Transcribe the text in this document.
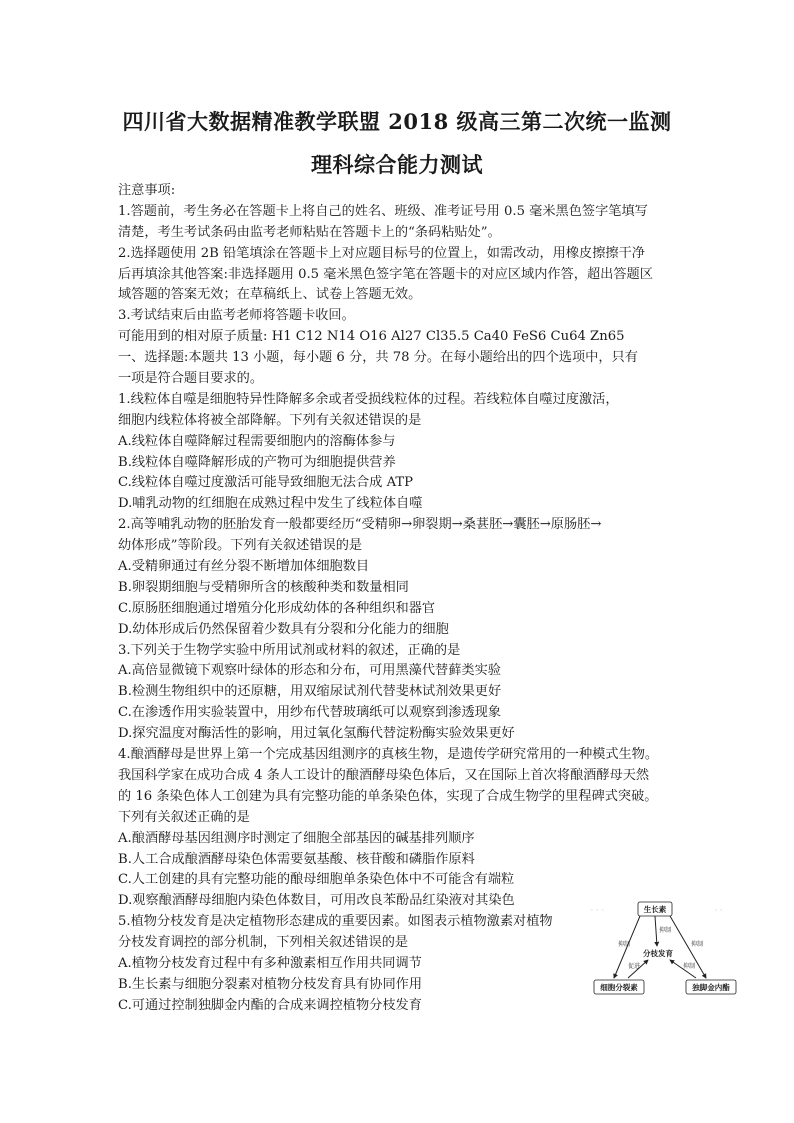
四川省大数据精准教学联盟 2018 级高三第二次统一监测
理科综合能力测试
注意事项:
1.答题前，考生务必在答题卡上将自己的姓名、班级、准考证号用 0.5 毫米黑色签字笔填写
清楚，考生考试条码由监考老师粘贴在答题卡上的“条码粘贴处”。
2.选择题使用 2B 铅笔填涂在答题卡上对应题目标号的位置上，如需改动，用橡皮擦擦干净
后再填涂其他答案:非选择题用 0.5 毫米黑色签字笔在答题卡的对应区域内作答，超出答题区
域答题的答案无效；在草稿纸上、试卷上答题无效。
3.考试结束后由监考老师将答题卡收回。
可能用到的相对原子质量: H1 C12 N14 O16 Al27 Cl35.5 Ca40 FeS6 Cu64 Zn65
一、选择题:本题共 13 小题，每小题 6 分，共 78 分。在每小题给出的四个选项中，只有
一项是符合题目要求的。
1.线粒体自噬是细胞特异性降解多余或者受损线粒体的过程。若线粒体自噬过度激活，
细胞内线粒体将被全部降解。下列有关叙述错误的是
A.线粒体自噬降解过程需要细胞内的溶酶体参与
B.线粒体自噬降解形成的产物可为细胞提供营养
C.线粒体自噬过度激活可能导致细胞无法合成 ATP
D.哺乳动物的红细胞在成熟过程中发生了线粒体自噬
2.高等哺乳动物的胚胎发育一般都要经历“受精卵→卵裂期→桑葚胚→囊胚→原肠胚→
幼体形成”等阶段。下列有关叙述错误的是
A.受精卵通过有丝分裂不断增加体细胞数目
B.卵裂期细胞与受精卵所含的核酸种类和数量相同
C.原肠胚细胞通过增殖分化形成幼体的各种组织和器官
D.幼体形成后仍然保留着少数具有分裂和分化能力的细胞
3.下列关于生物学实验中所用试剂或材料的叙述，正确的是
A.高倍显微镜下观察叶绿体的形态和分布，可用黑藻代替藓类实验
B.检测生物组织中的还原糖，用双缩尿试剂代替斐林试剂效果更好
C.在渗透作用实验装置中，用纱布代替玻璃纸可以观察到渗透现象
D.探究温度对酶活性的影响，用过氧化氢酶代替淀粉酶实验效果更好
4.酿酒酵母是世界上第一个完成基因组测序的真核生物，是遗传学研究常用的一种模式生物。
我国科学家在成功合成 4 条人工设计的酿酒酵母染色体后，又在国际上首次将酿酒酵母天然
的 16 条染色体人工创建为具有完整功能的单条染色体，实现了合成生物学的里程碑式突破。
下列有关叙述正确的是
A.酿酒酵母基因组测序时测定了细胞全部基因的碱基排列顺序
B.人工合成酿酒酵母染色体需要氨基酸、核苷酸和磷脂作原料
C.人工创建的具有完整功能的酿母细胞单条染色体中不可能含有端粒
D.观察酿酒酵母细胞内染色体数目，可用改良苯酚品红染液对其染色
5.植物分枝发育是决定植物形态建成的重要因素。如图表示植物激素对植物
分枝发育调控的部分机制，下列相关叙述错误的是
A.植物分枝发育过程中有多种激素相互作用共同调节
B.生长素与细胞分裂素对植物分枝发育具有协同作用
C.可通过控制独脚金内酯的合成来调控植物分枝发育
◦ ◦ ◦	◦ ◦
生长素
分枝发育
细胞分裂素	独脚金内酯
抑制	抑制
抑制
促进	抑制
